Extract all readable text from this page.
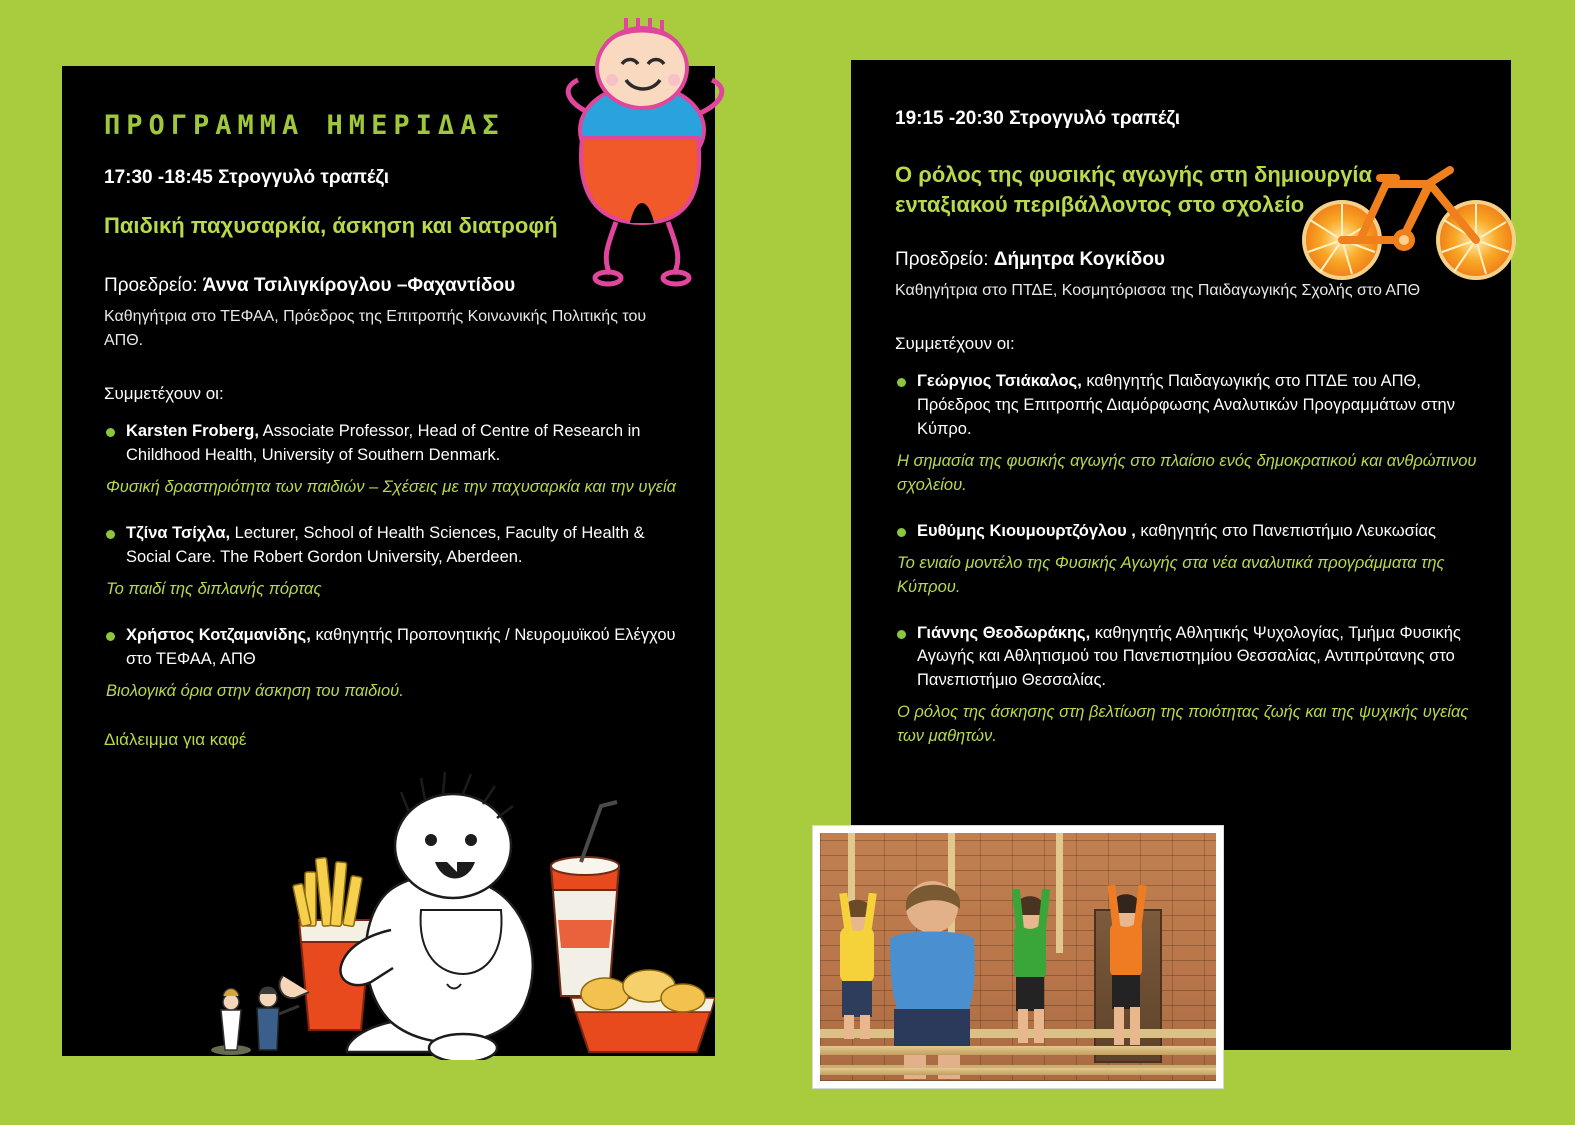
ΠΡΟΓΡΑΜΜΑ ΗΜΕΡΙΔΑΣ
17:30 -18:45 Στρογγυλό τραπέζι
Παιδική παχυσαρκία, άσκηση και διατροφή
Προεδρείο: Άννα Τσιλιγκίρογλου –Φαχαντίδου
Καθηγήτρια στο ΤΕΦΑΑ, Πρόεδρος της Επιτροπής Κοινωνικής Πολιτικής του ΑΠΘ.
Συμμετέχουν οι:
Karsten Froberg, Associate Professor, Head of Centre of Research in Childhood Health, University of Southern Denmark.
Φυσική δραστηριότητα των παιδιών – Σχέσεις με την παχυσαρκία και την υγεία
Τζίνα Τσίχλα, Lecturer, School of Health Sciences, Faculty of Health & Social Care. The Robert Gordon University, Aberdeen.
Το παιδί της διπλανής πόρτας
Χρήστος Κοτζαμανίδης, καθηγητής Προπονητικής / Νευρομυϊκού Ελέγχου στο ΤΕΦΑΑ, ΑΠΘ
Βιολογικά όρια στην άσκηση του παιδιού.
Διάλειμμα για καφέ
19:15 -20:30 Στρογγυλό τραπέζι
Ο ρόλος της φυσικής αγωγής στη δημιουργία ενταξιακού περιβάλλοντος στο σχολείο
Προεδρείο: Δήμητρα Κογκίδου
Καθηγήτρια στο ΠΤΔΕ, Κοσμητόρισσα της Παιδαγωγικής Σχολής στο ΑΠΘ
Συμμετέχουν οι:
Γεώργιος Τσιάκαλος, καθηγητής Παιδαγωγικής στο ΠΤΔΕ του ΑΠΘ, Πρόεδρος της Επιτροπής Διαμόρφωσης Αναλυτικών Προγραμμάτων στην Κύπρο.
Η σημασία της φυσικής αγωγής στο πλαίσιο ενός δημοκρατικού και ανθρώπινου σχολείου.
Ευθύμης Κιουμουρτζόγλου , καθηγητής στο Πανεπιστήμιο Λευκωσίας
Το ενιαίο μοντέλο της Φυσικής Αγωγής στα νέα αναλυτικά προγράμματα της Κύπρου.
Γιάννης Θεοδωράκης, καθηγητής Αθλητικής Ψυχολογίας, Τμήμα Φυσικής Αγωγής και Αθλητισμού του Πανεπιστημίου Θεσσαλίας, Αντιπρύτανης στο Πανεπιστήμιο Θεσσαλίας.
Ο ρόλος της άσκησης στη βελτίωση της ποιότητας ζωής και της ψυχικής υγείας των μαθητών.
